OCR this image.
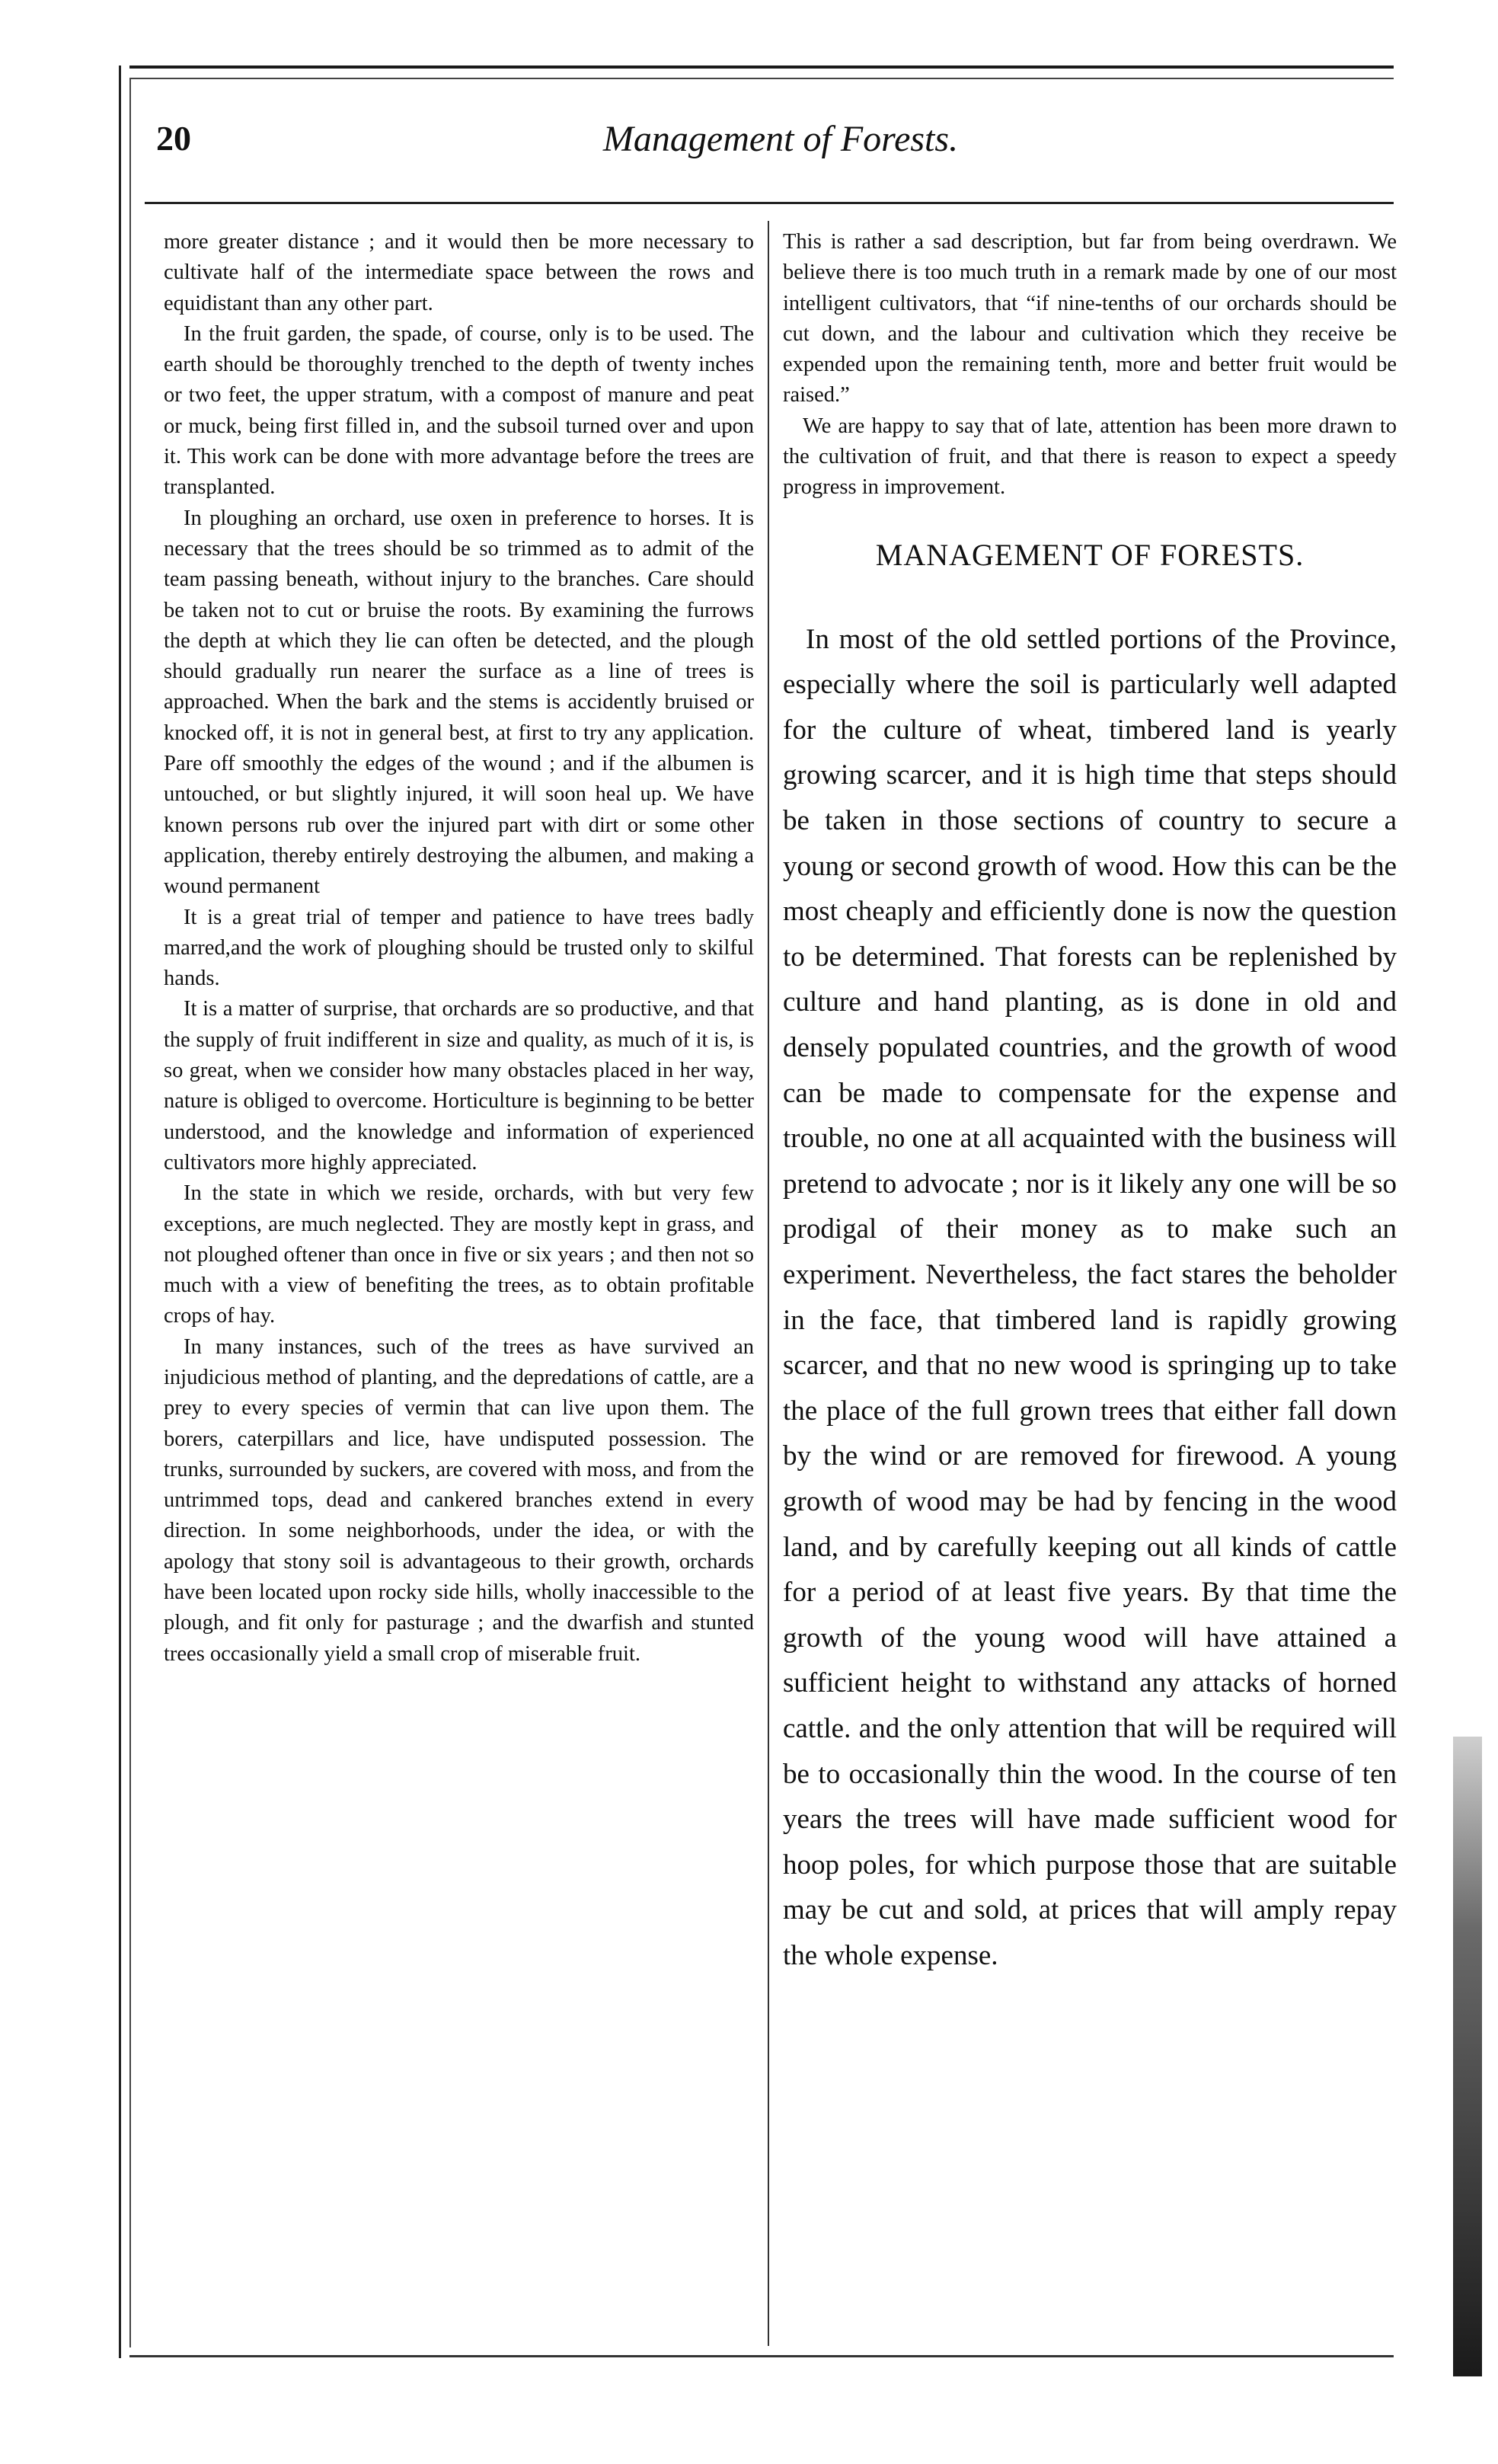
20	Management of Forests.

more greater distance ; and it would then be more necessary to cultivate half of the intermediate space between the rows and equidistant than any other part.

In the fruit garden, the spade, of course, only is to be used. The earth should be thoroughly trenched to the depth of twenty inches or two feet, the upper stratum, with a compost of manure and peat or muck, being first filled in, and the subsoil turned over and upon it. This work can be done with more advantage before the trees are transplanted.

In ploughing an orchard, use oxen in preference to horses. It is necessary that the trees should be so trimmed as to admit of the team passing beneath, without injury to the branches. Care should be taken not to cut or bruise the roots. By examining the furrows the depth at which they lie can often be detected, and the plough should gradually run nearer the surface as a line of trees is approached. When the bark and the stems is accidently bruised or knocked off, it is not in general best, at first to try any application. Pare off smoothly the edges of the wound ; and if the albumen is untouched, or but slightly injured, it will soon heal up. We have known persons rub over the injured part with dirt or some other application, thereby entirely destroying the albumen, and making a wound permanent

It is a great trial of temper and patience to have trees badly marred,and the work of ploughing should be trusted only to skilful hands.

It is a matter of surprise, that orchards are so productive, and that the supply of fruit indifferent in size and quality, as much of it is, is so great, when we consider how many obstacles placed in her way, nature is obliged to overcome. Horticulture is beginning to be better understood, and the knowledge and information of experienced cultivators more highly appreciated.

In the state in which we reside, orchards, with but very few exceptions, are much neglected. They are mostly kept in grass, and not ploughed oftener than once in five or six years ; and then not so much with a view of benefiting the trees, as to obtain profitable crops of hay.

In many instances, such of the trees as have survived an injudicious method of planting, and the depredations of cattle, are a prey to every species of vermin that can live upon them. The borers, caterpillars and lice, have undisputed possession. The trunks, surrounded by suckers, are covered with moss, and from the untrimmed tops, dead and cankered branches extend in every direction. In some neighborhoods, under the idea, or with the apology that stony soil is advantageous to their growth, orchards have been located upon rocky side hills, wholly inaccessible to the plough, and fit only for pasturage ; and the dwarfish and stunted trees occasionally yield a small crop of miserable fruit.

This is rather a sad description, but far from being overdrawn. We believe there is too much truth in a remark made by one of our most intelligent cultivators, that “if nine-tenths of our orchards should be cut down, and the labour and cultivation which they receive be expended upon the remaining tenth, more and better fruit would be raised.”

We are happy to say that of late, attention has been more drawn to the cultivation of fruit, and that there is reason to expect a speedy progress in improvement.

MANAGEMENT OF FORESTS.

In most of the old settled portions of the Province, especially where the soil is particularly well adapted for the culture of wheat, timbered land is yearly growing scarcer, and it is high time that steps should be taken in those sections of country to secure a young or second growth of wood. How this can be the most cheaply and efficiently done is now the question to be determined. That forests can be replenished by culture and hand planting, as is done in old and densely populated countries, and the growth of wood can be made to compensate for the expense and trouble, no one at all acquainted with the business will pretend to advocate ; nor is it likely any one will be so prodigal of their money as to make such an experiment. Nevertheless, the fact stares the beholder in the face, that timbered land is rapidly growing scarcer, and that no new wood is springing up to take the place of the full grown trees that either fall down by the wind or are removed for firewood. A young growth of wood may be had by fencing in the wood land, and by carefully keeping out all kinds of cattle for a period of at least five years. By that time the growth of the young wood will have attained a sufficient height to withstand any attacks of horned cattle. and the only attention that will be required will be to occasionally thin the wood. In the course of ten years the trees will have made sufficient wood for hoop poles, for which purpose those that are suitable may be cut and sold, at prices that will amply repay the whole expense.
